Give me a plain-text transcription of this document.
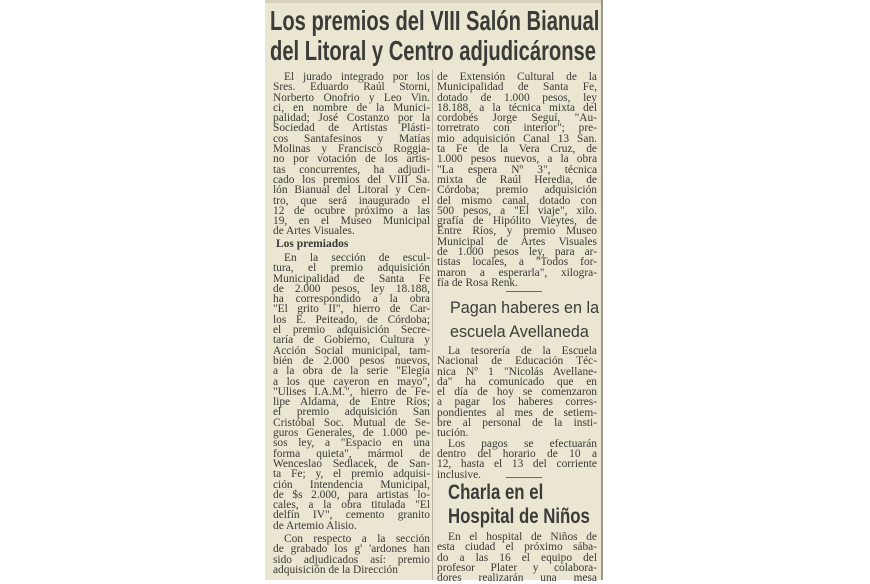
Los premios del VIII Salón Bianual
del Litoral y Centro adjudicáronse
El jurado integrado por los
Sres. Eduardo Raúl Storni,
Norberto Onofrio y Leo Vin.
ci, en nombre de la Munici-
palidad; José Costanzo por la
Sociedad de Artistas Plásti-
cos Santafesinos y Matías
Molinas y Francisco Roggia-
no por votación de los artis-
tas concurrentes, ha adjudi-
cado los premios del VIII Sa.
lón Bianual del Litoral y Cen-
tro, que será inaugurado el
12 de ocubre próximo a las
19, en el Museo Municipal
de Artes Visuales.
Los premiados
En la sección de escul-
tura, el premio adquisición
Municipalidad de Santa Fe
de 2.000 pesos, ley 18.188,
ha correspondido a la obra
"El grito II", hierro de Car-
los E. Peiteado, de Córdoba;
el premio adquisición Secre-
taría de Gobierno, Cultura y
Acción Social municipal, tam-
bién de 2.000 pesos nuevos,
a la obra de la serie "Elegía
a los que cayeron en mayo",
"Ulises I.A.M.", hierro de Fe-
lipe Aldama, de Entre Ríos;
el premio adquisición San
Cristóbal Soc. Mutual de Se-
guros Generales, de 1.000 pe-
sos ley, a "Espacio en una
forma quieta", mármol de
Wenceslao Sedlacek, de San-
ta Fe; y, el premio adquisi-
ción Intendencia Municipal,
de $s 2.000, para artistas lo-
cales, a la obra titulada "El
delfín IV", cemento granito
de Artemio Alisio.
Con respecto a la sección
de grabado los g' 'ardones han
sido adjudicados así: premio
adquisición de la Dirección
de Extensión Cultural de la
Municipalidad de Santa Fe,
dotado de 1.000 pesos, ley
18.188, a la técnica mixta del
cordobés Jorge Seguí, "Au-
torretrato con interior"; pre-
mio adquisición Canal 13 San.
ta Fe de la Vera Cruz, de
1.000 pesos nuevos, a la obra
"La espera Nº 3", técnica
mixta de Raúl Heredia, de
Córdoba; premio adquisición
del mismo canal, dotado con
500 pesos, a "El viaje", xilo.
grafía de Hipólito Vieytes, de
Entre Ríos, y premio Museo
Municipal de Artes Visuales
de 1.000 pesos ley, para ar-
tistas locales, a "Todos for-
maron a esperarla", xilogra-
fía de Rosa Renk.
Pagan haberes en la
escuela Avellaneda
La tesorería de la Escuela
Nacional de Educación Téc-
nica Nº 1 "Nicolás Avellane-
da" ha comunicado que en
el día de hoy se comenzaron
a pagar los haberes corres-
pondientes al mes de setiem-
bre al personal de la insti-
tución.
Los pagos se efectuarán
dentro del horario de 10 a
12, hasta el 13 del corriente
inclusive.
Charla en el
Hospital de Niños
En el hospital de Niños de
esta ciudad el próximo sába-
do a las 16 el equipo del
profesor Plater y colabora-
dores realizarán una mesa
